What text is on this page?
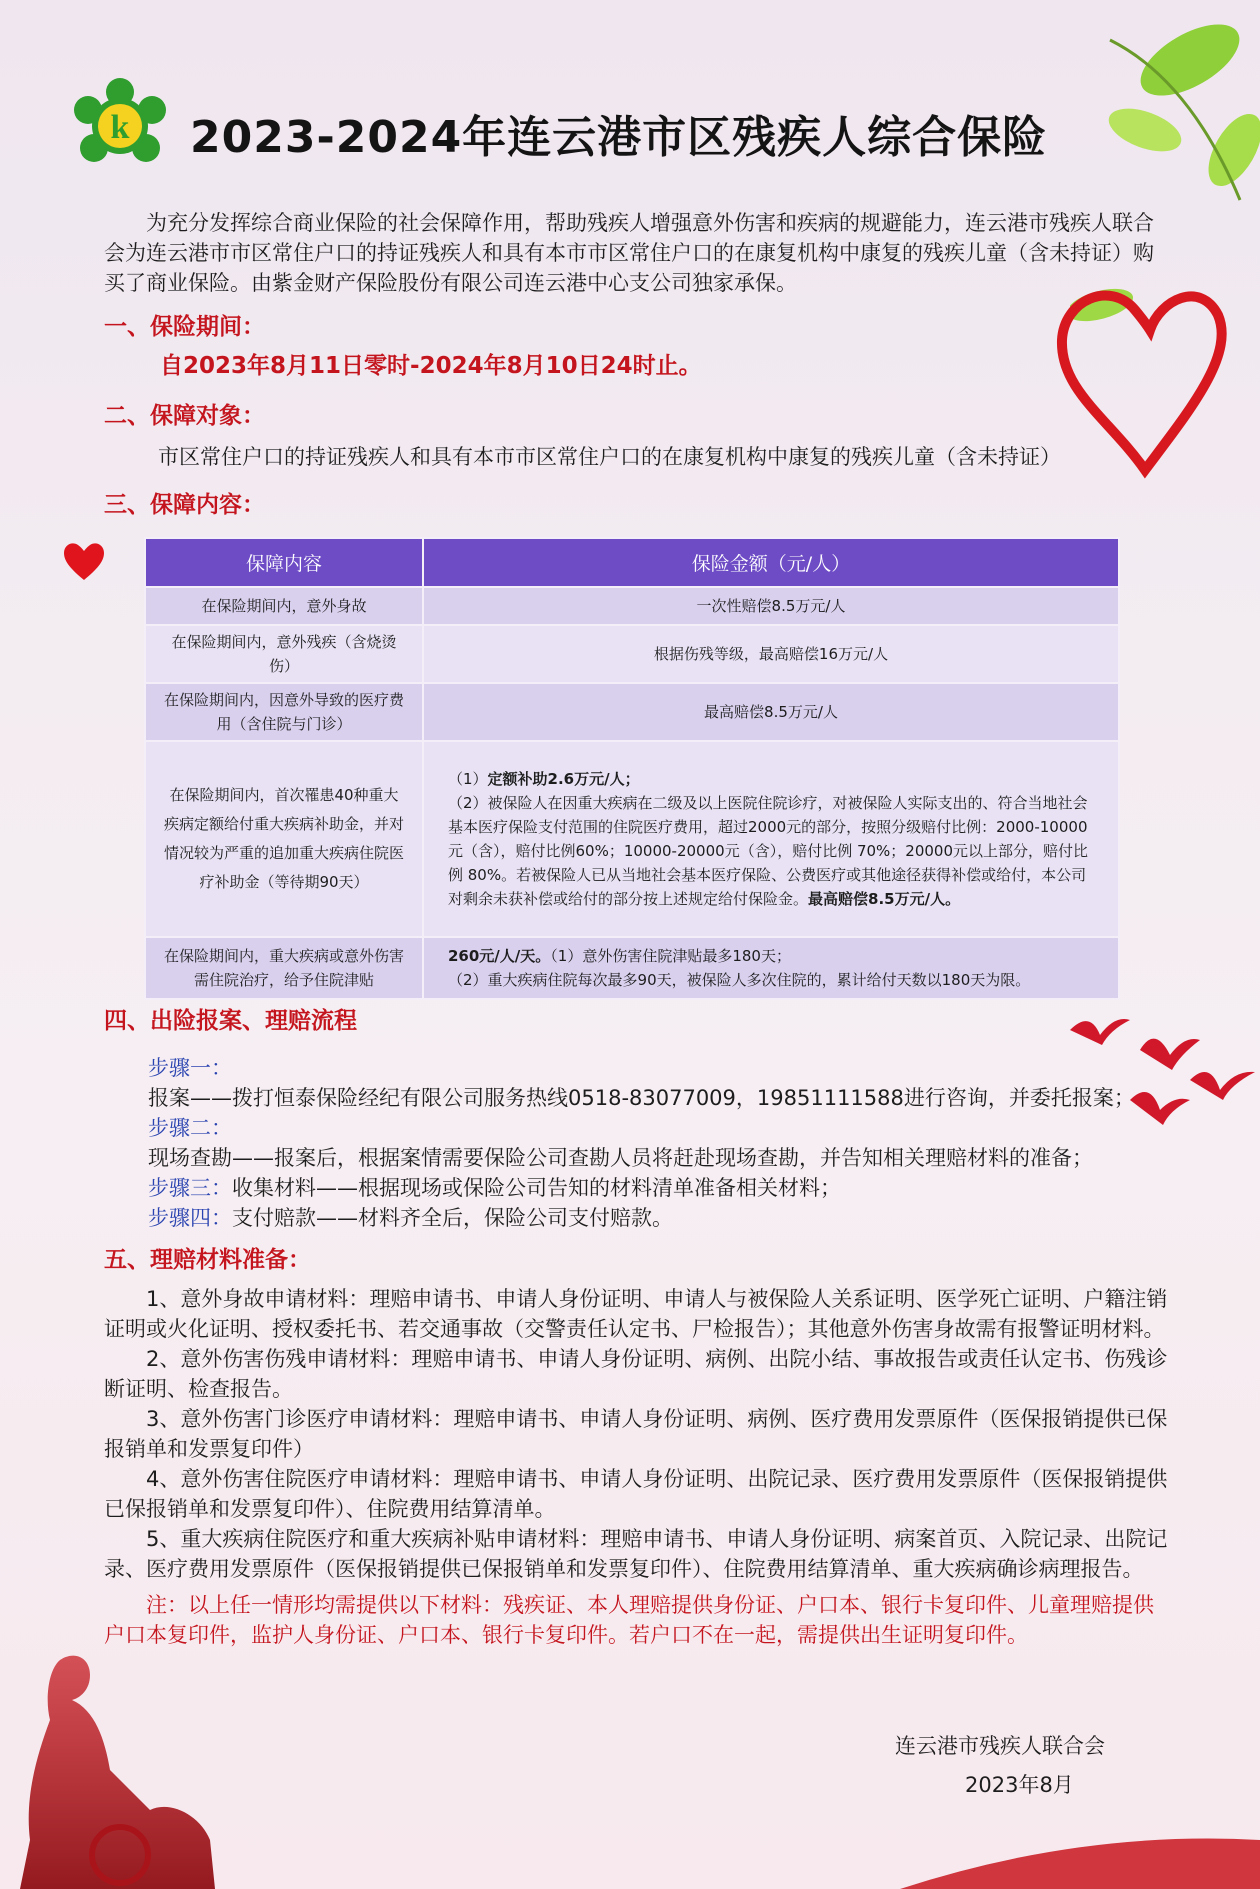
k 2023-2024年连云港市区残疾人综合保险
为充分发挥综合商业保险的社会保障作用，帮助残疾人增强意外伤害和疾病的规避能力，连云港市残疾人联合会为连云港市市区常住户口的持证残疾人和具有本市市区常住户口的在康复机构中康复的残疾儿童（含未持证）购买了商业保险。由紫金财产保险股份有限公司连云港中心支公司独家承保。
一、保险期间：
自2023年8月11日零时-2024年8月10日24时止。
二、保障对象：
市区常住户口的持证残疾人和具有本市市区常住户口的在康复机构中康复的残疾儿童（含未持证）
三、保障内容：
保障内容	保险金额（元/人）
在保险期间内，意外身故	一次性赔偿8.5万元/人
在保险期间内，意外残疾（含烧烫伤）	根据伤残等级，最高赔偿16万元/人
在保险期间内，因意外导致的医疗费用（含住院与门诊）	最高赔偿8.5万元/人
在保险期间内，首次罹患40种重大疾病定额给付重大疾病补助金，并对情况较为严重的追加重大疾病住院医疗补助金（等待期90天）	（1）定额补助2.6万元/人；
（2）被保险人在因重大疾病在二级及以上医院住院诊疗，对被保险人实际支出的、符合当地社会基本医疗保险支付范围的住院医疗费用，超过2000元的部分，按照分级赔付比例：2000-10000元（含），赔付比例60%；10000-20000元（含），赔付比例 70%；20000元以上部分，赔付比例 80%。若被保险人已从当地社会基本医疗保险、公费医疗或其他途径获得补偿或给付，本公司对剩余未获补偿或给付的部分按上述规定给付保险金。最高赔偿8.5万元/人。

在保险期间内，重大疾病或意外伤害需住院治疗，给予住院津贴	260元/人/天。（1）意外伤害住院津贴最多180天；
（2）重大疾病住院每次最多90天，被保险人多次住院的，累计给付天数以180天为限。
四、出险报案、理赔流程
步骤一：
报案——拨打恒泰保险经纪有限公司服务热线0518-83077009，19851111588进行咨询，并委托报案；
步骤二：
现场查勘——报案后，根据案情需要保险公司查勘人员将赶赴现场查勘，并告知相关理赔材料的准备；
步骤三：收集材料——根据现场或保险公司告知的材料清单准备相关材料；
步骤四：支付赔款——材料齐全后，保险公司支付赔款。
五、理赔材料准备：

1、意外身故申请材料：理赔申请书、申请人身份证明、申请人与被保险人关系证明、医学死亡证明、户籍注销证明或火化证明、授权委托书、若交通事故（交警责任认定书、尸检报告）；其他意外伤害身故需有报警证明材料。

2、意外伤害伤残申请材料：理赔申请书、申请人身份证明、病例、出院小结、事故报告或责任认定书、伤残诊断证明、检查报告。

3、意外伤害门诊医疗申请材料：理赔申请书、申请人身份证明、病例、医疗费用发票原件（医保报销提供已保报销单和发票复印件）

4、意外伤害住院医疗申请材料：理赔申请书、申请人身份证明、出院记录、医疗费用发票原件（医保报销提供已保报销单和发票复印件）、住院费用结算清单。

5、重大疾病住院医疗和重大疾病补贴申请材料：理赔申请书、申请人身份证明、病案首页、入院记录、出院记录、医疗费用发票原件（医保报销提供已保报销单和发票复印件）、住院费用结算清单、重大疾病确诊病理报告。

注：以上任一情形均需提供以下材料：残疾证、本人理赔提供身份证、户口本、银行卡复印件、儿童理赔提供户口本复印件，监护人身份证、户口本、银行卡复印件。若户口不在一起，需提供出生证明复印件。

连云港市残疾人联合会
2023年8月
